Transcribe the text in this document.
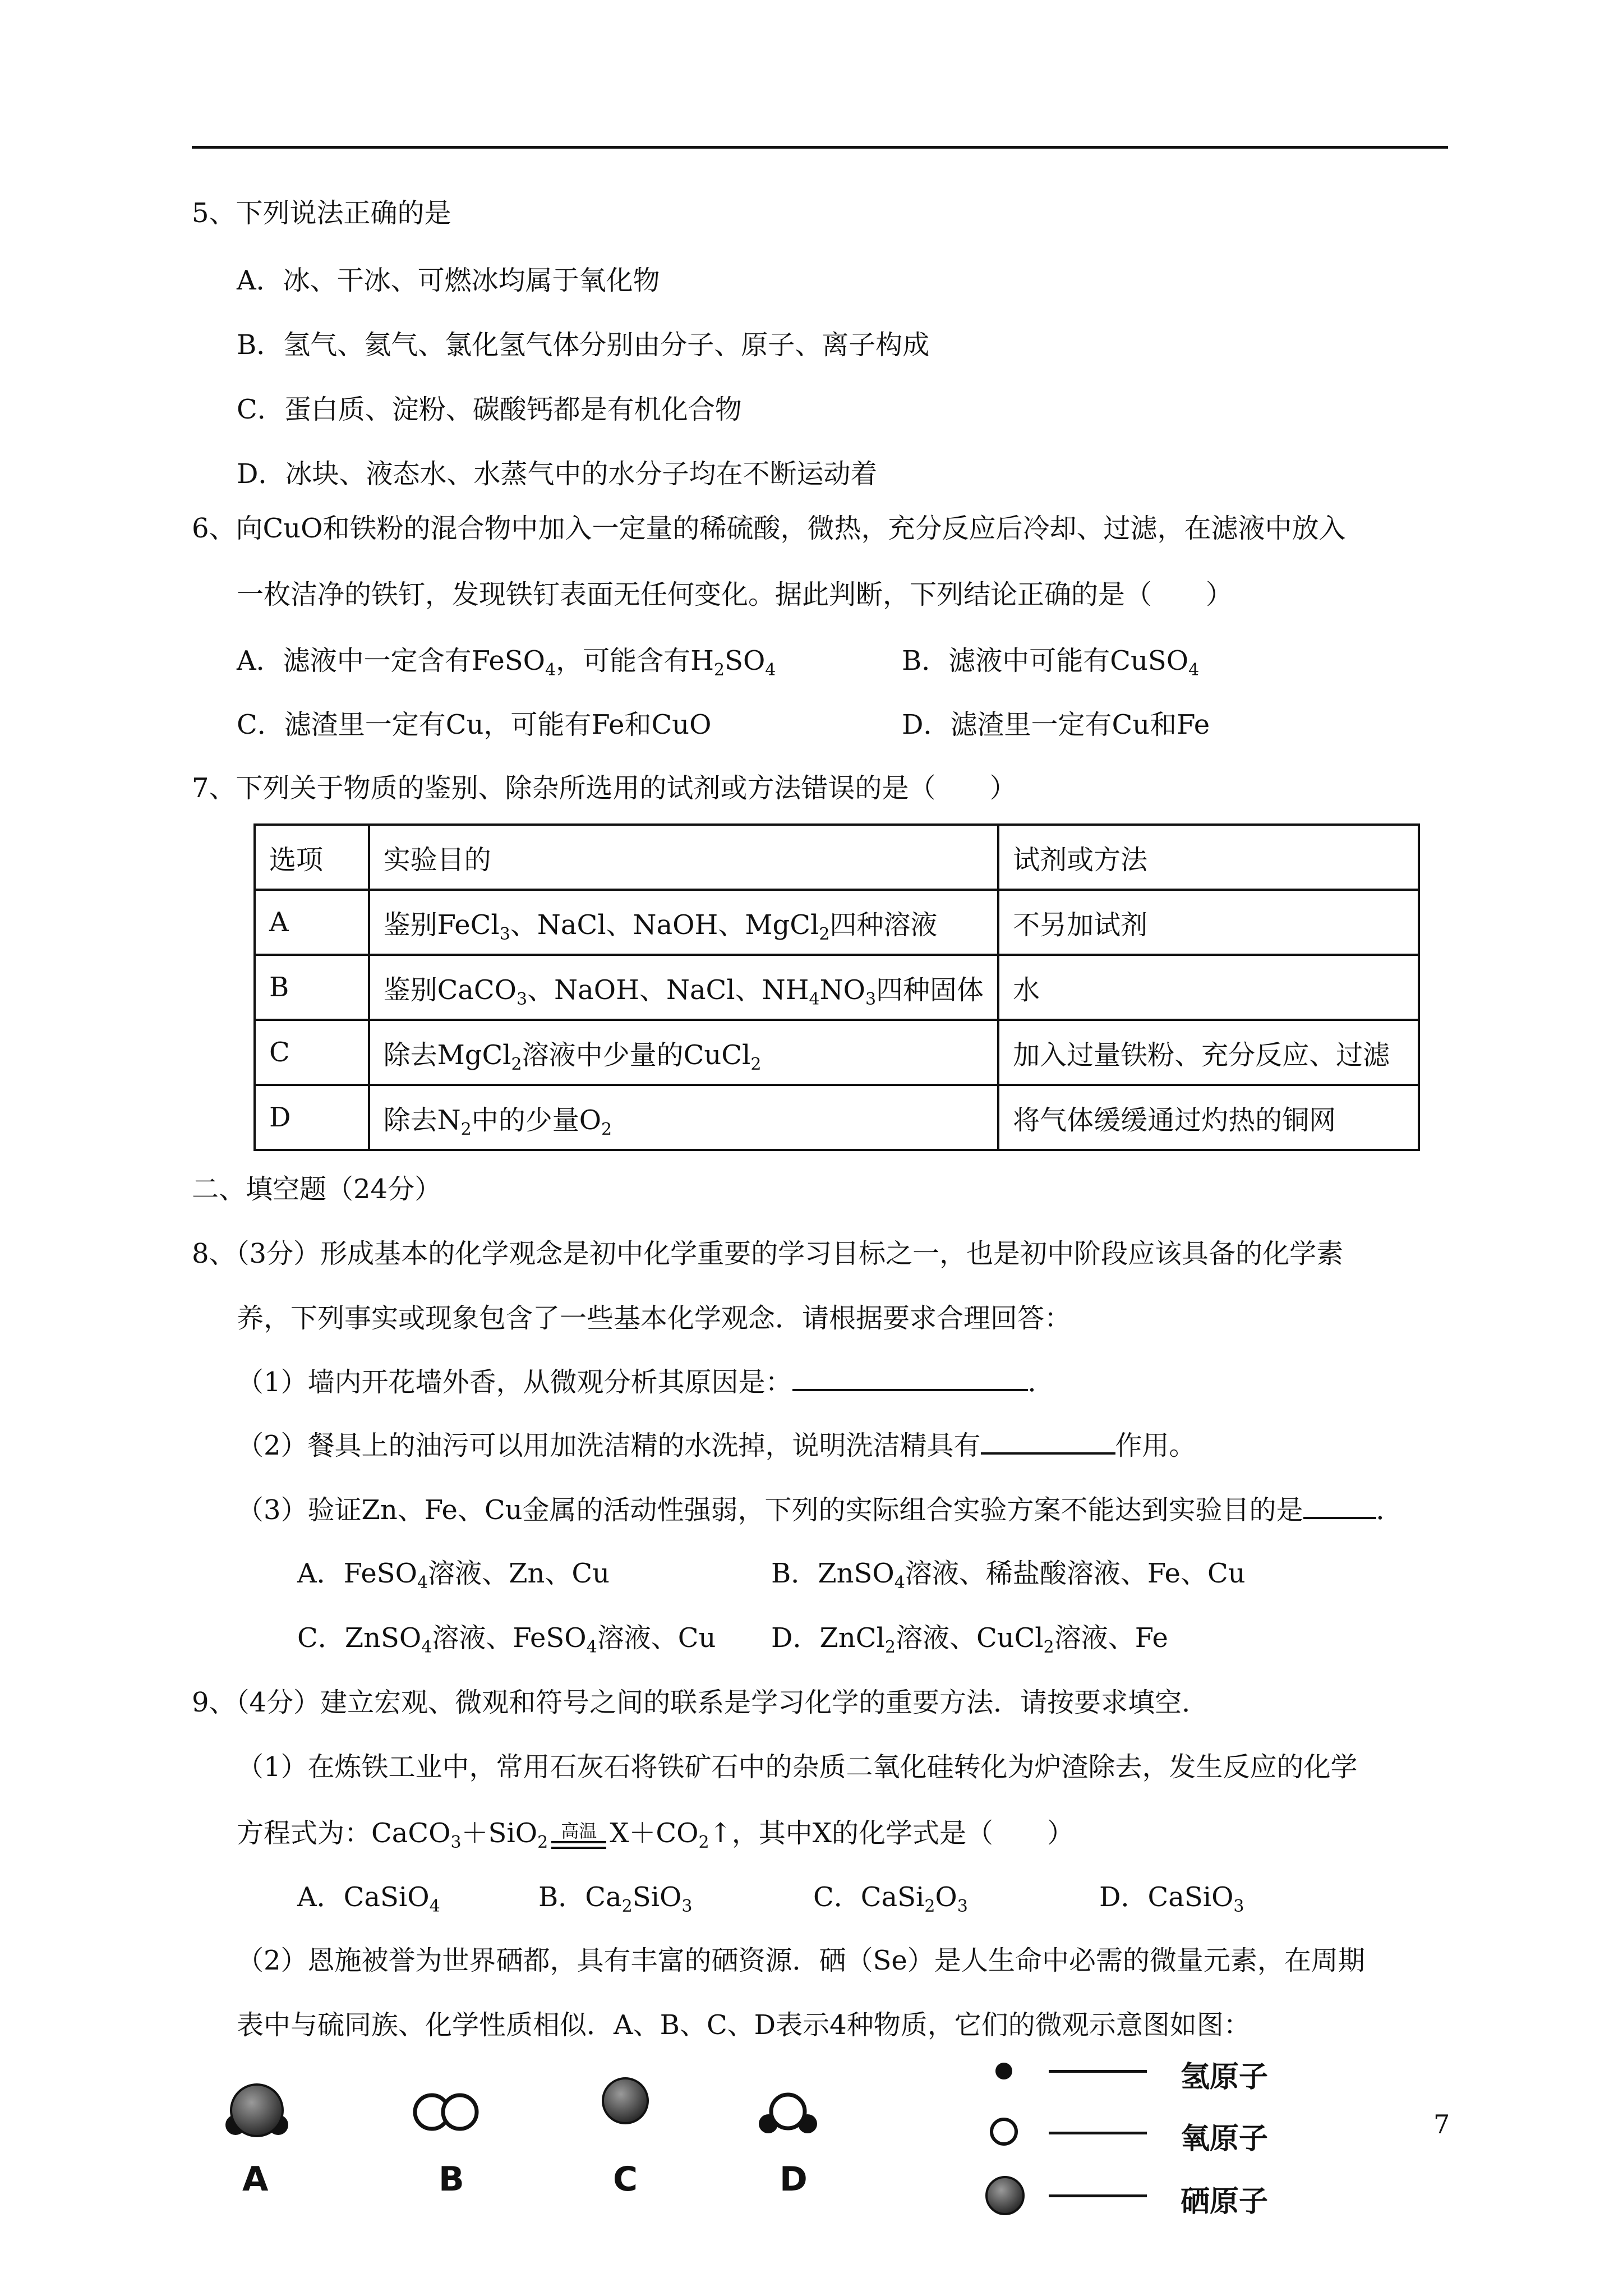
5、下列说法正确的是
A．冰、干冰、可燃冰均属于氧化物
B．氢气、氦气、氯化氢气体分别由分子、原子、离子构成
C．蛋白质、淀粉、碳酸钙都是有机化合物
D．冰块、液态水、水蒸气中的水分子均在不断运动着
6、向CuO和铁粉的混合物中加入一定量的稀硫酸，微热，充分反应后冷却、过滤，在滤液中放入
一枚洁净的铁钉，发现铁钉表面无任何变化。据此判断，下列结论正确的是（　　）
A．滤液中一定含有FeSO$_4$，可能含有$H_2SO_4$	B．滤液中可能有CuSO$_4$
C．滤渣里一定有Cu，可能有Fe和CuO	D．滤渣里一定有Cu和Fe
7、下列关于物质的鉴别、除杂所选用的试剂或方法错误的是（　　）
选项	实验目的	试剂或方法
A	鉴别FeCl$_3$、NaCl、NaOH、MgCl$_2$四种溶液	不另加试剂
B	鉴别CaCO$_3$、NaOH、NaCl、$NH_4NO_3$四种固体	水
C	除去MgCl$_2$溶液中少量的CuCl$_2$	加入过量铁粉、充分反应、过滤
D	除去$N_2$中的少量$O_2$	将气体缓缓通过灼热的铜网
二、填空题（24分）
8、（3分）形成基本的化学观念是初中化学重要的学习目标之一，也是初中阶段应该具备的化学素
养，下列事实或现象包含了一些基本化学观念．请根据要求合理回答：
（1）墙内开花墙外香，从微观分析其原因是：	．
（2）餐具上的油污可以用加洗洁精的水洗掉，说明洗洁精具有	作用。
（3）验证Zn、Fe、Cu金属的活动性强弱，下列的实际组合实验方案不能达到实验目的是	．
A．FeSO$_4$溶液、Zn、Cu	B．ZnSO$_4$溶液、稀盐酸溶液、Fe、Cu
C．ZnSO$_4$溶液、FeSO$_4$溶液、Cu D．ZnCl$_2$溶液、CuCl$_2$溶液、Fe
9、（4分）建立宏观、微观和符号之间的联系是学习化学的重要方法．请按要求填空．
（1）在炼铁工业中，常用石灰石将铁矿石中的杂质二氧化硅转化为炉渣除去，发生反应的化学
方程式为：CaCO$_3$＋SiO$_2$
高温 $X+CO_2↑$，其中X的化学式是（　　）
A．CaSiO$_4$	B．$Ca_2SiO_3$	C．$CaSi_2O_3$	D．CaSiO$_3$
（2）恩施被誉为世界硒都，具有丰富的硒资源．硒（Se）是人生命中必需的微量元素，在周期
表中与硫同族、化学性质相似．A、B、C、D表示4种物质，它们的微观示意图如图：
A	B	C	D
氢原子
氧原子
硒原子
7
